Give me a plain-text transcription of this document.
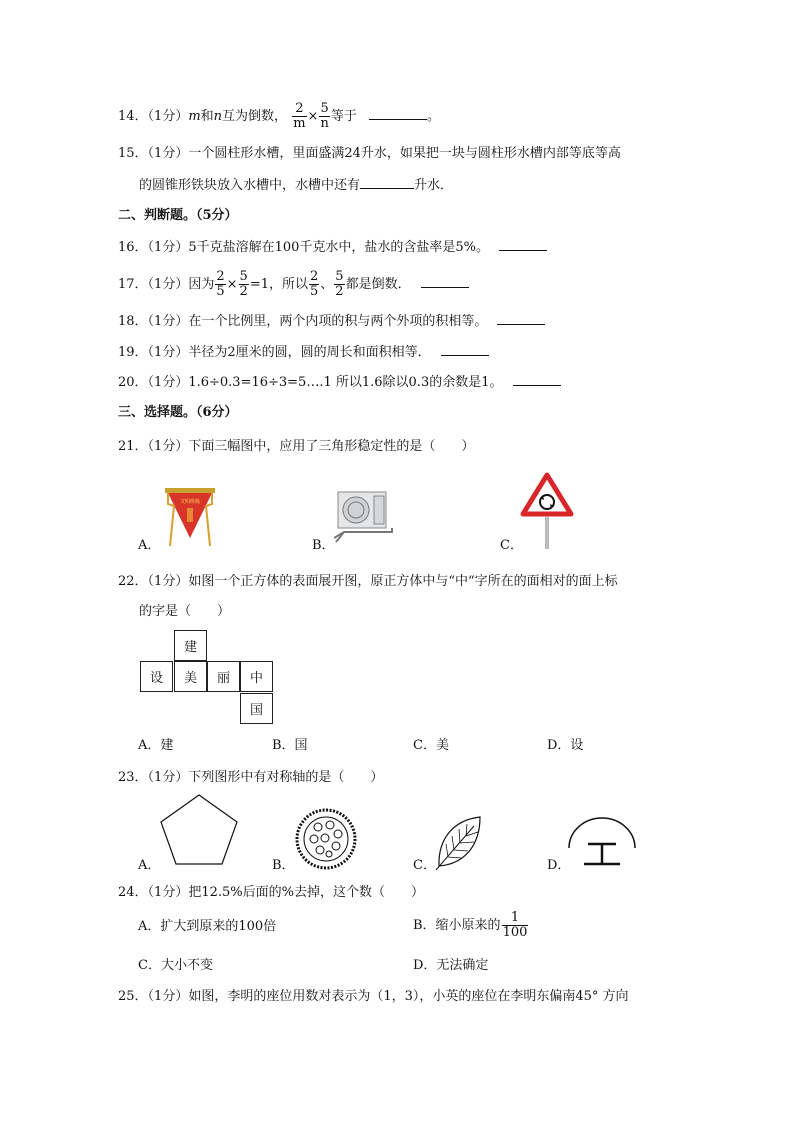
14．（1分）m和n互为倒数， $\frac{2}{m} \times \frac{5}{n}$ 等于	。
15．（1分）一个圆柱形水槽，里面盛满24升水，如果把一块与圆柱形水槽内部等底等高
的圆锥形铁块放入水槽中，水槽中还有	升水．
二、判断题。（5分）
16．（1分）5千克盐溶解在100千克水中，盐水的含盐率是5%。
17．（1分）因为 $\frac{2}{5} \times \frac{5}{2} =1$，所以 $\frac{2}{5}$ 、 $\frac{5}{2}$ 都是倒数．
18．（1分）在一个比例里，两个内项的积与两个外项的积相等。
19．（1分）半径为2厘米的圆，圆的周长和面积相等．
20．（1分）1.6÷0.3=16÷3=5….1 所以1.6除以0.3的余数是1。
三、选择题。（6分）
21．（1分）下面三幅图中，应用了三角形稳定性的是（　　）
A．
文明班级
B．	C．
22．（1分）如图一个正方体的表面展开图，原正方体中与“中“字所在的面相对的面上标
的字是（　　）
建
设	美	丽	中
国
A．建	B．国	C．美	D．设
23．（1分）下列图形中有对称轴的是（　　）
A．	B．	C．	D．
24．（1分）把12.5%后面的%去掉，这个数（　　）
A．扩大到原来的100倍	B．缩小原来的 $\frac{1}{100}$
C．大小不变	D．无法确定
25．（1分）如图，李明的座位用数对表示为（1，3），小英的座位在李明东偏南45° 方向
